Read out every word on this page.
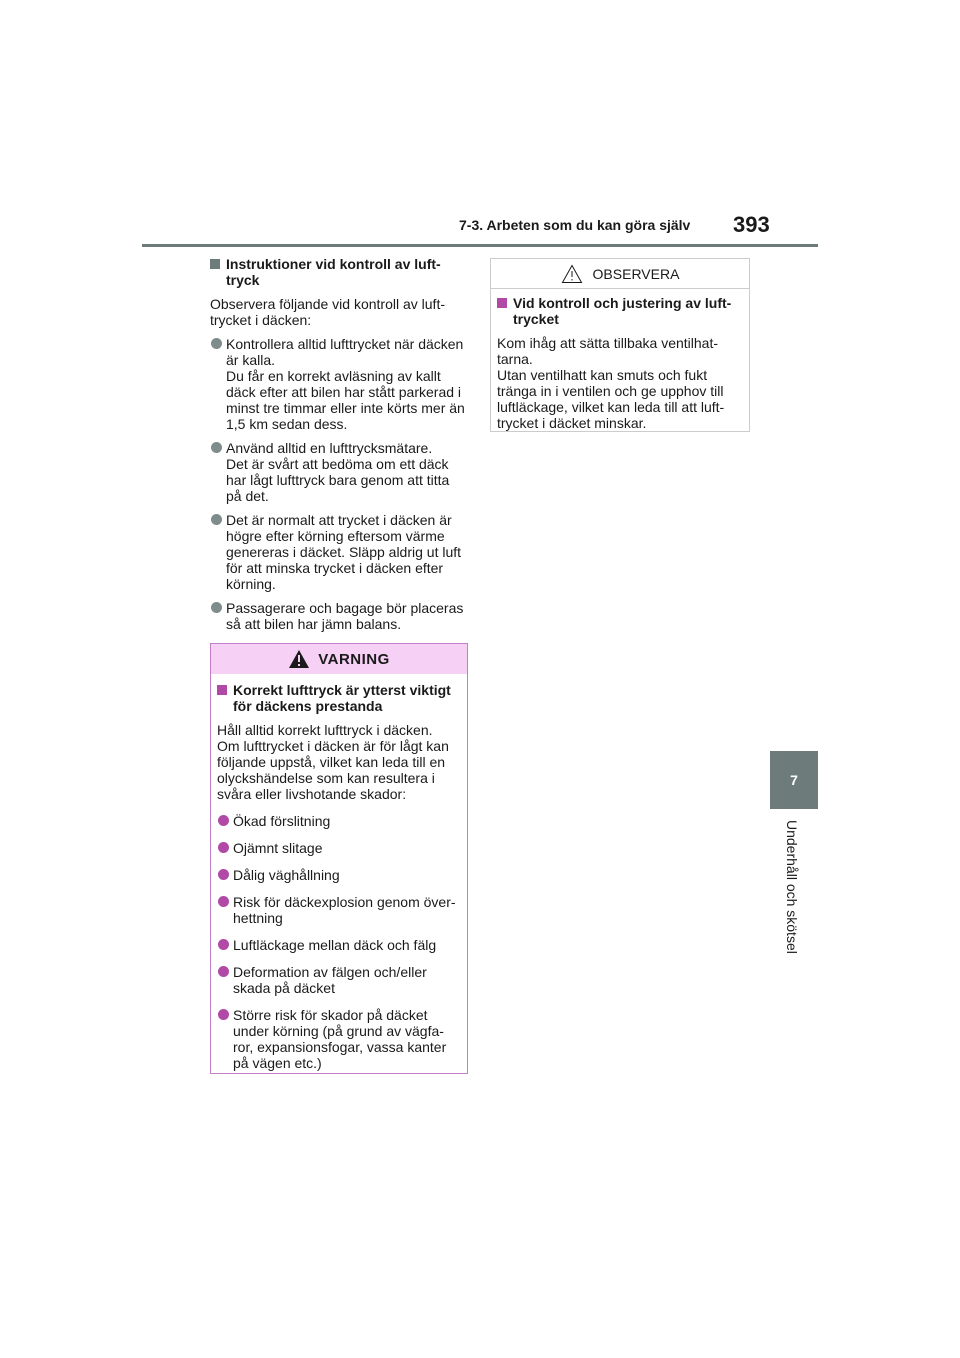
7-3. Arbeten som du kan göra själv 393
7
Underhåll och skötsel
Instruktioner vid kontroll av luft-
tryck
Observera följande vid kontroll av luft-
trycket i däcken:
Kontrollera alltid lufttrycket när däcken
är kalla.
Du får en korrekt avläsning av kallt
däck efter att bilen har stått parkerad i
minst tre timmar eller inte körts mer än
1,5 km sedan dess.
Använd alltid en lufttrycksmätare.
Det är svårt att bedöma om ett däck
har lågt lufttryck bara genom att titta
på det.
Det är normalt att trycket i däcken är
högre efter körning eftersom värme
genereras i däcket. Släpp aldrig ut luft
för att minska trycket i däcken efter
körning.
Passagerare och bagage bör placeras
så att bilen har jämn balans.
VARNING
Korrekt lufttryck är ytterst viktigt
för däckens prestanda
Håll alltid korrekt lufttryck i däcken.
Om lufttrycket i däcken är för lågt kan
följande uppstå, vilket kan leda till en
olyckshändelse som kan resultera i
svåra eller livshotande skador:
Ökad förslitning
Ojämnt slitage
Dålig väghållning
Risk för däckexplosion genom över-
hettning
Luftläckage mellan däck och fälg
Deformation av fälgen och/eller
skada på däcket
Större risk för skador på däcket
under körning (på grund av vägfa-
ror, expansionsfogar, vassa kanter
på vägen etc.)
OBSERVERA
Vid kontroll och justering av luft-
trycket
Kom ihåg att sätta tillbaka ventilhat-
tarna.
Utan ventilhatt kan smuts och fukt
tränga in i ventilen och ge upphov till
luftläckage, vilket kan leda till att luft-
trycket i däcket minskar.
